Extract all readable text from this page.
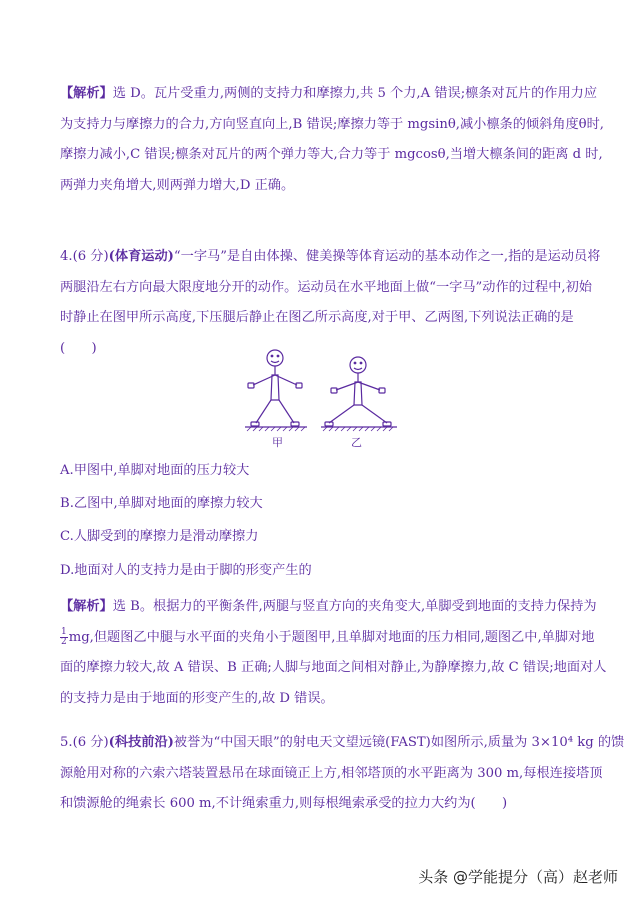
【解析】选 D。瓦片受重力,两侧的支持力和摩擦力,共 5 个力,A 错误;檩条对瓦片的作用力应
为支持力与摩擦力的合力,方向竖直向上,B 错误;摩擦力等于 mgsinθ,减小檩条的倾斜角度θ时,
摩擦力减小,C 错误;檩条对瓦片的两个弹力等大,合力等于 mgcosθ,当增大檩条间的距离 d 时,
两弹力夹角增大,则两弹力增大,D 正确。
4.(6 分)(体育运动)“一字马”是自由体操、健美操等体育运动的基本动作之一,指的是运动员将
两腿沿左右方向最大限度地分开的动作。运动员在水平地面上做“一字马”动作的过程中,初始
时静止在图甲所示高度,下压腿后静止在图乙所示高度,对于甲、乙两图,下列说法正确的是
(　　)
甲	乙
A.甲图中,单脚对地面的压力较大
B.乙图中,单脚对地面的摩擦力较大
C.人脚受到的摩擦力是滑动摩擦力
D.地面对人的支持力是由于脚的形变产生的
【解析】选 B。根据力的平衡条件,两腿与竖直方向的夹角变大,单脚受到地面的支持力保持为
$\frac{1}{2}$ mg,但题图乙中腿与水平面的夹角小于题图甲,且单脚对地面的压力相同,题图乙中,单脚对地
面的摩擦力较大,故 A 错误、B 正确;人脚与地面之间相对静止,为静摩擦力,故 C 错误;地面对人
的支持力是由于地面的形变产生的,故 D 错误。
5.(6 分)(科技前沿)被誉为“中国天眼”的射电天文望远镜(FAST)如图所示,质量为 3×10⁴ kg 的馈
源舱用对称的六索六塔装置悬吊在球面镜正上方,相邻塔顶的水平距离为 300 m,每根连接塔顶
和馈源舱的绳索长 600 m,不计绳索重力,则每根绳索承受的拉力大约为(　　)
头条 @学能提分（高）赵老师
